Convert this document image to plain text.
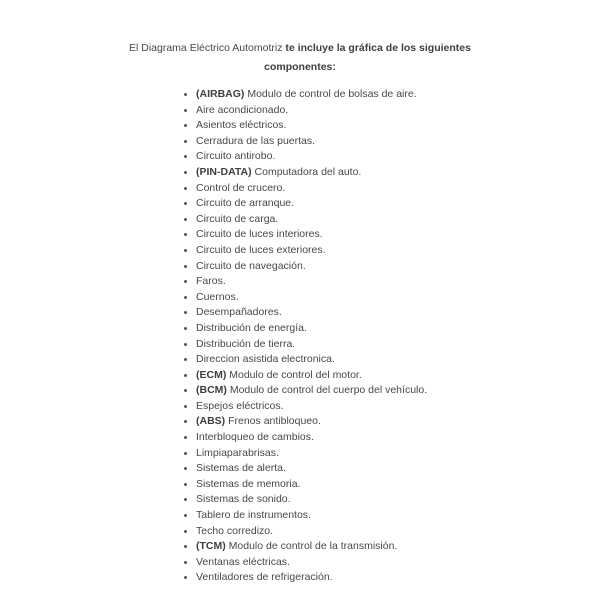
El Diagrama Eléctrico Automotriz te incluye la gráfica de los siguientes
componentes:
• (AIRBAG) Modulo de control de bolsas de aire.
• Aire acondicionado.
• Asientos eléctricos.
• Cerradura de las puertas.
• Circuito antirobo.
• (PIN-DATA) Computadora del auto.
• Control de crucero.
• Circuito de arranque.
• Circuito de carga.
• Circuito de luces interiores.
• Circuito de luces exteriores.
• Circuito de navegación.
• Faros.
• Cuernos.
• Desempañadores.
• Distribución de energía.
• Distribución de tierra.
• Direccion asistida electronica.
• (ECM) Modulo de control del motor.
• (BCM) Modulo de control del cuerpo del vehículo.
• Espejos eléctricos.
• (ABS) Frenos antibloqueo.
• Interbloqueo de cambios.
• Limpiaparabrisas.
• Sistemas de alerta.
• Sistemas de memoria.
• Sistemas de sonido.
• Tablero de instrumentos.
• Techo corredizo.
• (TCM) Modulo de control de la transmisión.
• Ventanas eléctricas.
• Ventiladores de refrigeración.
